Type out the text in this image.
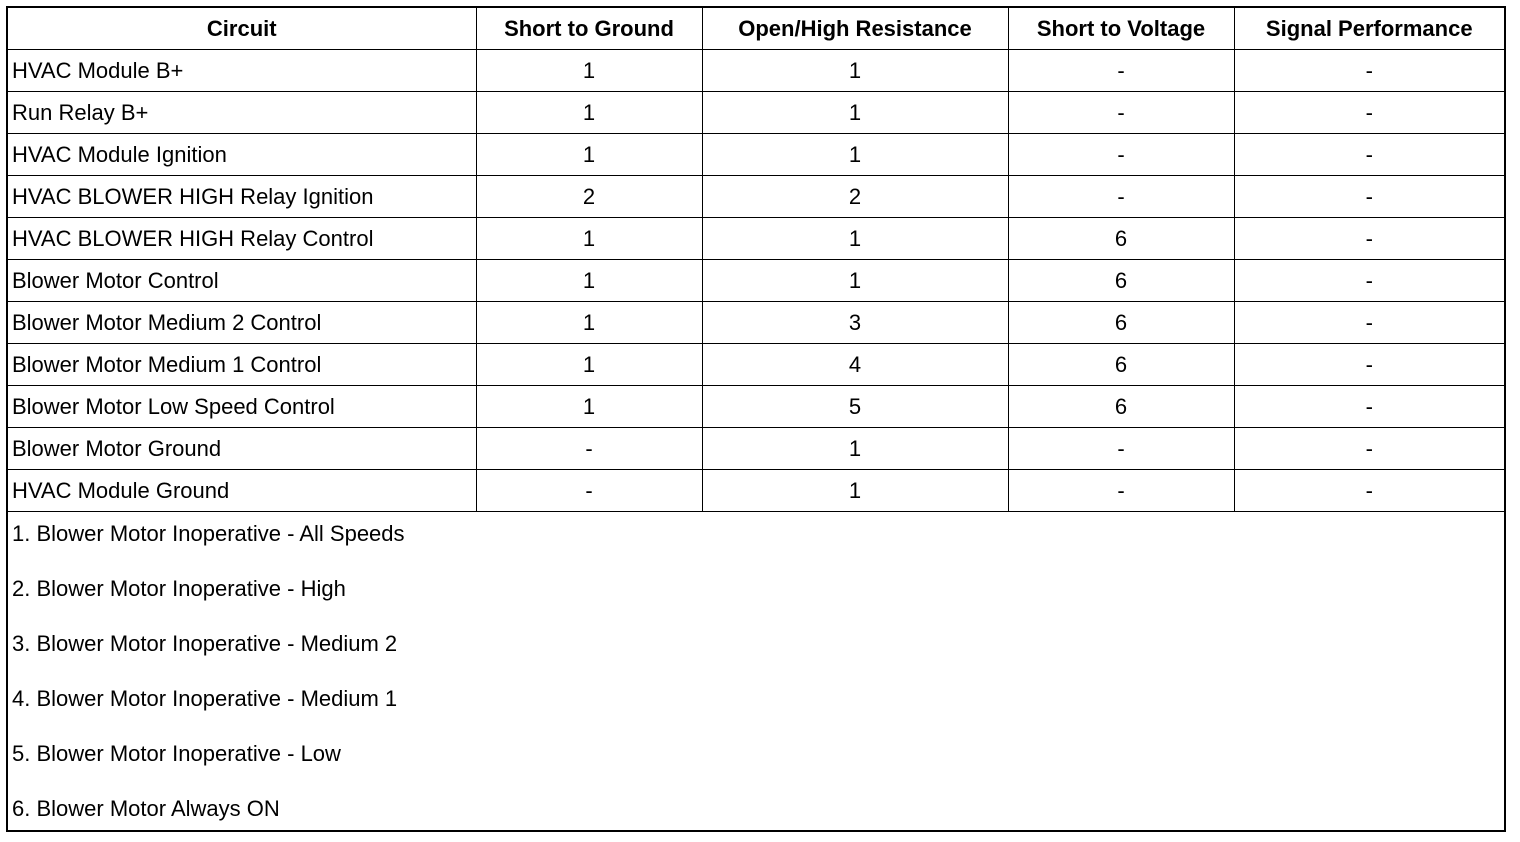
Circuit	Short to Ground	Open/High Resistance	Short to Voltage	Signal Performance
HVAC Module B+	1	1	-	-
Run Relay B+	1	1	-	-
HVAC Module Ignition	1	1	-	-
HVAC BLOWER HIGH Relay Ignition	2	2	-	-
HVAC BLOWER HIGH Relay Control	1	1	6	-
Blower Motor Control	1	1	6	-
Blower Motor Medium 2 Control	1	3	6	-
Blower Motor Medium 1 Control	1	4	6	-
Blower Motor Low Speed Control	1	5	6	-
Blower Motor Ground	-	1	-	-
HVAC Module Ground	-	1	-	-
1. Blower Motor Inoperative - All Speeds
2. Blower Motor Inoperative - High
3. Blower Motor Inoperative - Medium 2
4. Blower Motor Inoperative - Medium 1
5. Blower Motor Inoperative - Low
6. Blower Motor Always ON
